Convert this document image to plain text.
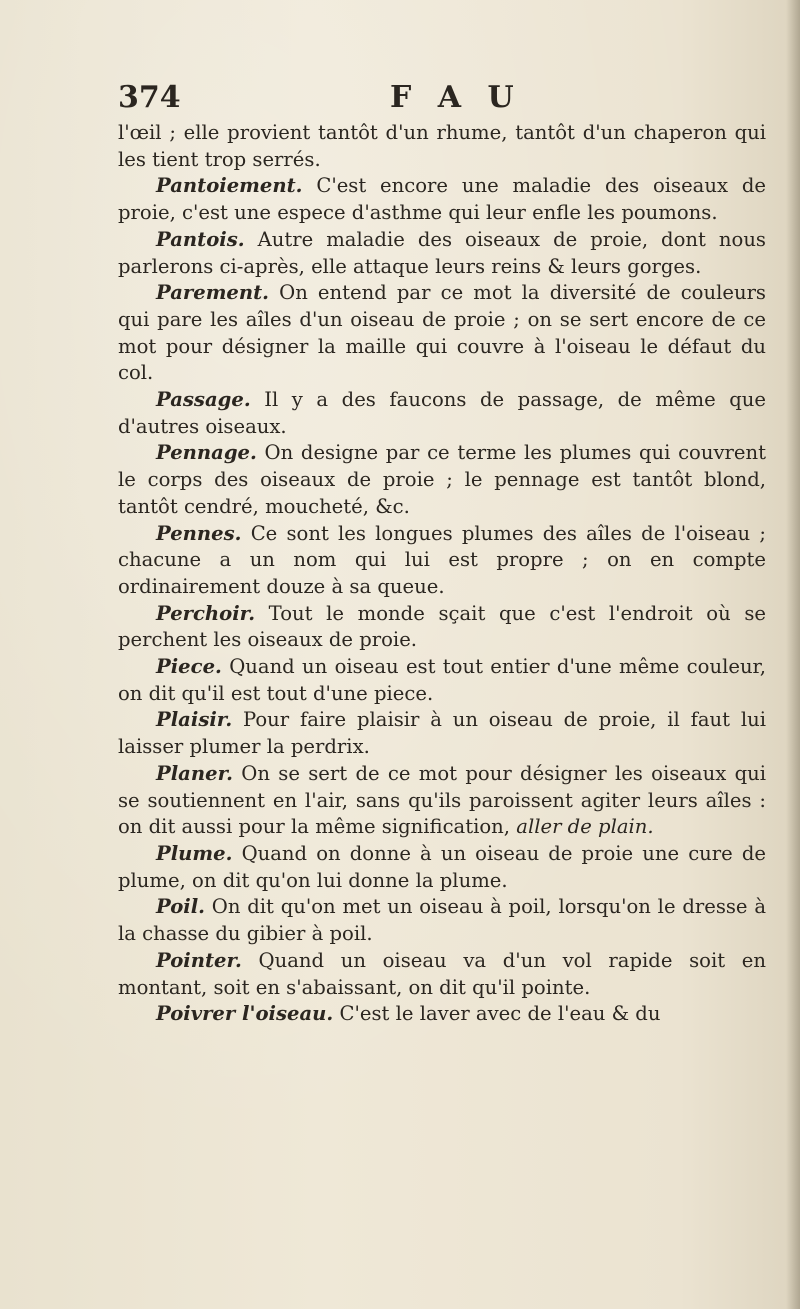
374	F A U

l'œil ; elle provient tantôt d'un rhume, tantôt d'un chaperon qui les tient trop serrés.

Pantoiement. C'est encore une maladie des oiseaux de proie, c'est une espece d'asthme qui leur enfle les poumons.

Pantois. Autre maladie des oiseaux de proie, dont nous parlerons ci-après, elle attaque leurs reins & leurs gorges.

Parement. On entend par ce mot la diversité de couleurs qui pare les aîles d'un oiseau de proie ; on se sert encore de ce mot pour désigner la maille qui couvre à l'oiseau le défaut du col.

Passage. Il y a des faucons de passage, de même que d'autres oiseaux.

Pennage. On designe par ce terme les plumes qui couvrent le corps des oiseaux de proie ; le pennage est tantôt blond, tantôt cendré, moucheté, &c.

Pennes. Ce sont les longues plumes des aîles de l'oiseau ; chacune a un nom qui lui est propre ; on en compte ordinairement douze à sa queue.

Perchoir. Tout le monde sçait que c'est l'endroit où se perchent les oiseaux de proie.

Piece. Quand un oiseau est tout entier d'une même couleur, on dit qu'il est tout d'une piece.

Plaisir. Pour faire plaisir à un oiseau de proie, il faut lui laisser plumer la perdrix.

Planer. On se sert de ce mot pour désigner les oiseaux qui se soutiennent en l'air, sans qu'ils paroissent agiter leurs aîles : on dit aussi pour la même signification, aller de plain.

Plume. Quand on donne à un oiseau de proie une cure de plume, on dit qu'on lui donne la plume.

Poil. On dit qu'on met un oiseau à poil, lorsqu'on le dresse à la chasse du gibier à poil.

Pointer. Quand un oiseau va d'un vol rapide soit en montant, soit en s'abaissant, on dit qu'il pointe.

Poivrer l'oiseau. C'est le laver avec de l'eau & du
